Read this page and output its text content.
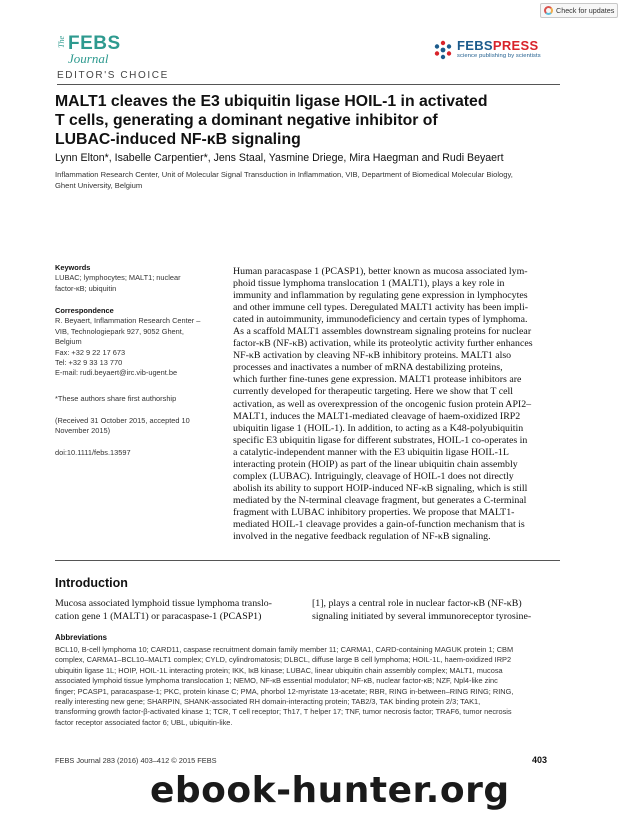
Check for updates
The FEBS
Journal
FEBSPRESS
science publishing by scientists
EDITOR'S CHOICE

MALT1 cleaves the E3 ubiquitin ligase HOIL-1 in activated

T cells, generating a dominant negative inhibitor of

LUBAC-induced NF-κB signaling

Lynn Elton*, Isabelle Carpentier*, Jens Staal, Yasmine Driege, Mira Haegman and Rudi Beyaert

Inflammation Research Center, Unit of Molecular Signal Transduction in Inflammation, VIB, Department of Biomedical Molecular Biology,

Ghent University, Belgium

Keywords

LUBAC; lymphocytes; MALT1; nuclear

factor-κB; ubiquitin

Correspondence

R. Beyaert, Inflammation Research Center –

VIB, Technologiepark 927, 9052 Ghent,

Belgium

Fax: +32 9 22 17 673

Tel: +32 9 33 13 770

E-mail: rudi.beyaert@irc.vib-ugent.be

*These authors share first authorship

(Received 31 October 2015, accepted 10

November 2015)

doi:10.1111/febs.13597

Human paracaspase 1 (PCASP1), better known as mucosa associated lym-

phoid tissue lymphoma translocation 1 (MALT1), plays a key role in

immunity and inflammation by regulating gene expression in lymphocytes

and other immune cell types. Deregulated MALT1 activity has been impli-

cated in autoimmunity, immunodeficiency and certain types of lymphoma.

As a scaffold MALT1 assembles downstream signaling proteins for nuclear

factor-κB (NF-κB) activation, while its proteolytic activity further enhances

NF-κB activation by cleaving NF-κB inhibitory proteins. MALT1 also

processes and inactivates a number of mRNA destabilizing proteins,

which further fine-tunes gene expression. MALT1 protease inhibitors are

currently developed for therapeutic targeting. Here we show that T cell

activation, as well as overexpression of the oncogenic fusion protein API2–

MALT1, induces the MALT1-mediated cleavage of haem-oxidized IRP2

ubiquitin ligase 1 (HOIL-1). In addition, to acting as a K48-polyubiquitin

specific E3 ubiquitin ligase for different substrates, HOIL-1 co-operates in

a catalytic-independent manner with the E3 ubiquitin ligase HOIL-1L

interacting protein (HOIP) as part of the linear ubiquitin chain assembly

complex (LUBAC). Intriguingly, cleavage of HOIL-1 does not directly

abolish its ability to support HOIP-induced NF-κB signaling, which is still

mediated by the N-terminal cleavage fragment, but generates a C-terminal

fragment with LUBAC inhibitory properties. We propose that MALT1-

mediated HOIL-1 cleavage provides a gain-of-function mechanism that is

involved in the negative feedback regulation of NF-κB signaling.

Introduction

Mucosa associated lymphoid tissue lymphoma translo-

cation gene 1 (MALT1) or paracaspase-1 (PCASP1)

[1], plays a central role in nuclear factor-κB (NF-κB)

signaling initiated by several immunoreceptor tyrosine-

Abbreviations

BCL10, B-cell lymphoma 10; CARD11, caspase recruitment domain family member 11; CARMA1, CARD-containing MAGUK protein 1; CBM

complex, CARMA1–BCL10–MALT1 complex; CYLD, cylindromatosis; DLBCL, diffuse large B cell lymphoma; HOIL-1L, haem-oxidized IRP2

ubiquitin ligase 1L; HOIP, HOIL-1L interacting protein; IKK, IκB kinase; LUBAC, linear ubiquitin chain assembly complex; MALT1, mucosa

associated lymphoid tissue lymphoma translocation 1; NEMO, NF-κB essential modulator; NF-κB, nuclear factor-κB; NZF, Npl4-like zinc

finger; PCASP1, paracaspase-1; PKC, protein kinase C; PMA, phorbol 12-myristate 13-acetate; RBR, RING in-between–RING RING; RING,

really interesting new gene; SHARPIN, SHANK-associated RH domain-interacting protein; TAB2/3, TAK binding protein 2/3; TAK1,

transforming growth factor-β-activated kinase 1; TCR, T cell receptor; Th17, T helper 17; TNF, tumor necrosis factor; TRAF6, tumor necrosis

factor receptor associated factor 6; UBL, ubiquitin-like.

FEBS Journal 283 (2016) 403–412 © 2015 FEBS	403
ebook-hunter.org
